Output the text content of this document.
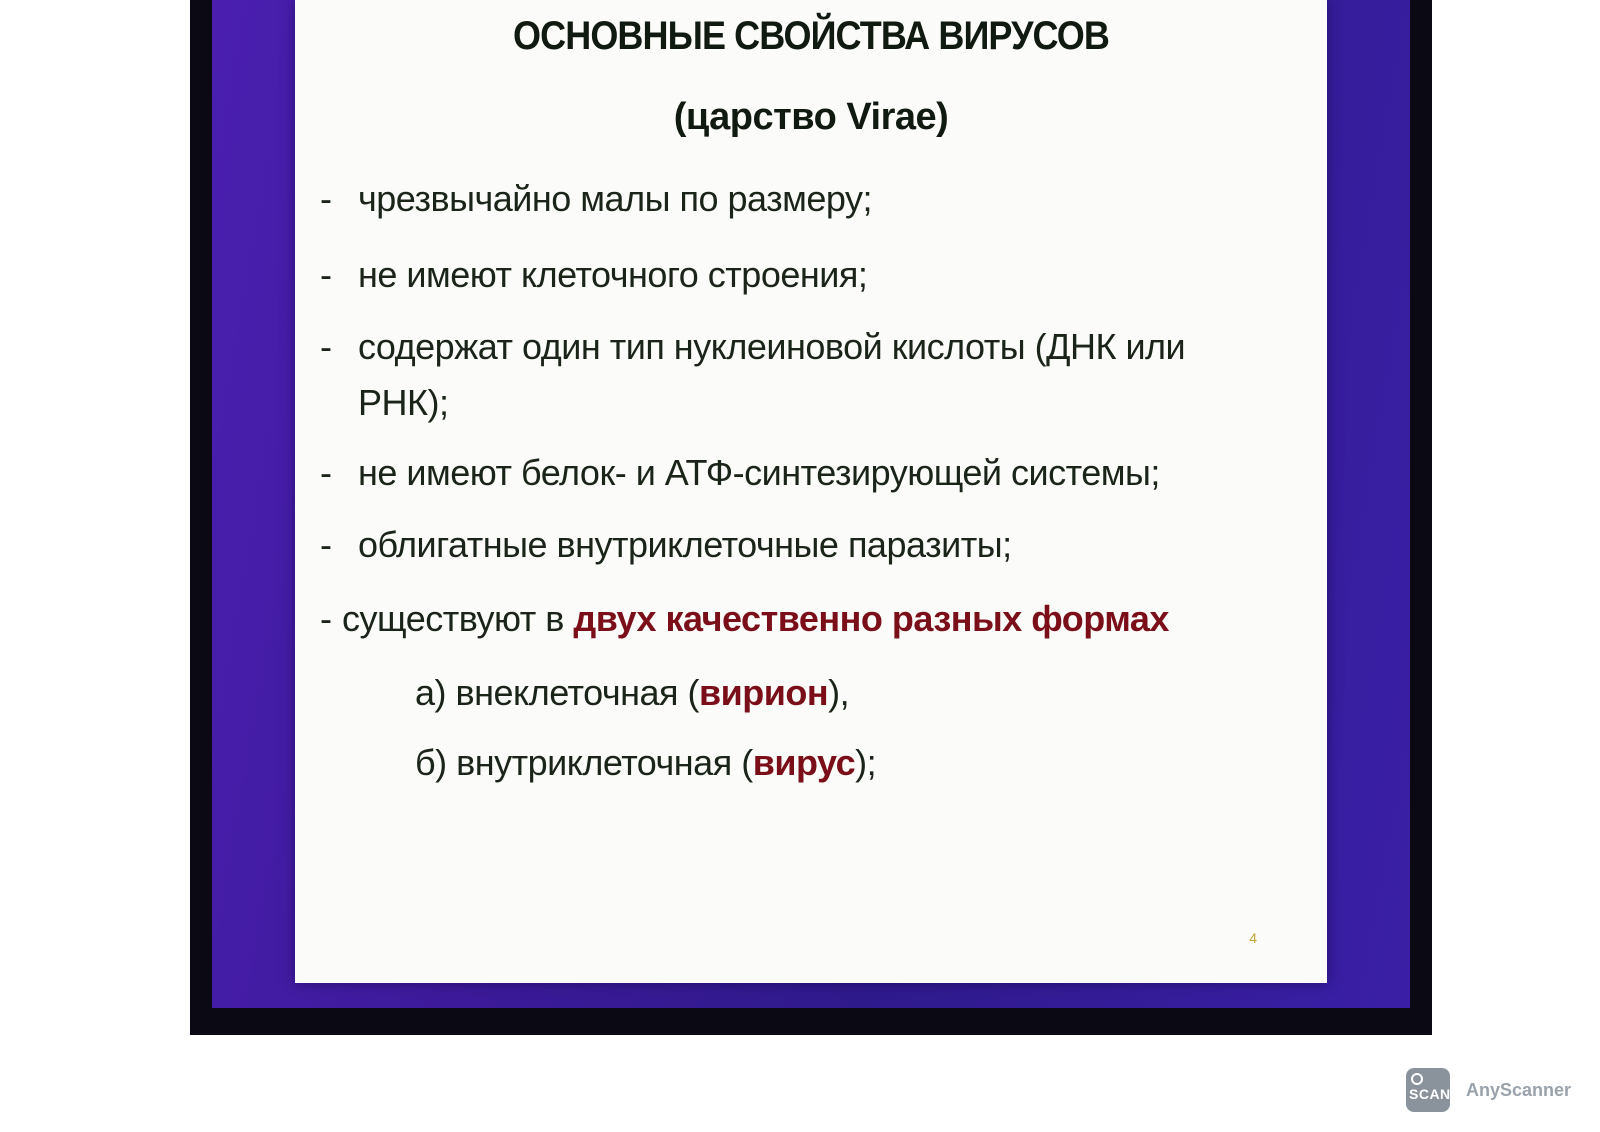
ОСНОВНЫЕ СВОЙСТВА ВИРУСОВ
(царство Virae)
- чрезвычайно малы по размеру;
- не имеют клеточного строения;
- содержат один тип нуклеиновой кислоты (ДНК или
РНК);
- не имеют белок- и АТФ-синтезирующей системы;
- облигатные внутриклеточные паразиты;
- существуют в двух качественно разных формах
а) внеклеточная (вирион),
б) внутриклеточная (вирус);
4
SCAN AnyScanner
